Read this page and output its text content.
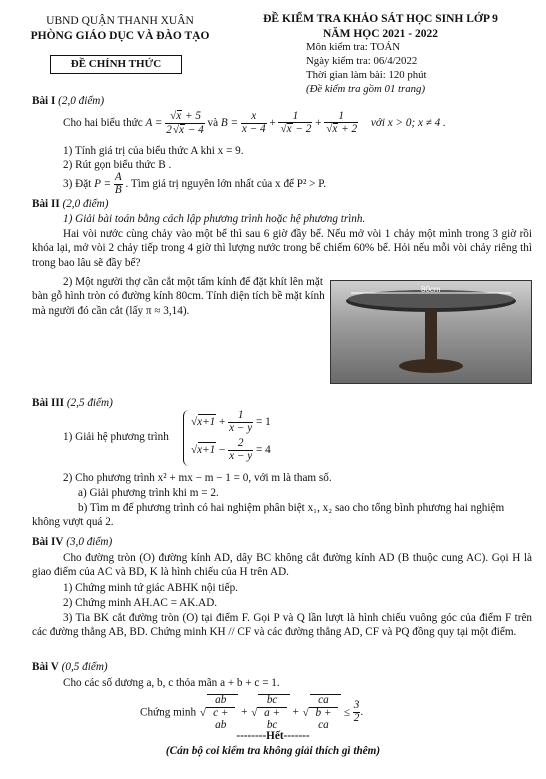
UBND QUẬN THANH XUÂN
PHÒNG GIÁO DỤC VÀ ĐÀO TẠO
ĐỀ CHÍNH THỨC
ĐỀ KIỂM TRA KHẢO SÁT HỌC SINH LỚP 9
NĂM HỌC 2021 - 2022
Môn kiểm tra: TOÁN
Ngày kiểm tra: 06/4/2022
Thời gian làm bài: 120 phút
(Đề kiểm tra gồm 01 trang)
Bài I (2,0 điểm)
Cho hai biểu thức A = √ $\frac{x + 5}{2 √ x - 4}$ và $B = \frac{x}{x - 4} + 1$
√ x − 2 + 1
√ x + 2 với x > 0; x ≠ 4 .
1) Tính giá trị của biểu thức A khi x = 9.
2) Rút gọn biểu thức B .
3) Đặt $P = \frac{A}{B}$ . Tìm giá trị nguyên lớn nhất của x để P² > P.
Bài II (2,0 điểm)
1) Giải bài toán bằng cách lập phương trình hoặc hệ phương trình.
Hai vòi nước cùng chảy vào một bể thì sau 6 giờ đầy bể. Nếu mở vòi 1 chảy một mình trong 3 giờ rồi khóa lại, mở vòi 2 chảy tiếp trong 4 giờ thì lượng nước trong bể chiếm 60% bể. Hỏi nếu mỗi vòi chảy riêng thì trong bao lâu sẽ đầy bể?
2) Một người thợ cần cắt một tấm kính để đặt khít lên mặt bàn gỗ hình tròn có đường kính 80cm. Tính diện tích bề mặt kính mà người đó cần cắt (lấy π ≈ 3,14).
80cm
Bài III (2,5 điểm)
1) Giải hệ phương trình
√ $x+1 + \frac{1}{x - y} = 1$
√ $x+1 - \frac{2}{x - y} = 4$
2) Cho phương trình x² + mx − m − 1 = 0, với m là tham số.
a) Giải phương trình khi m = 2.
b) Tìm m để phương trình có hai nghiệm phân biệt x₁, x₂ sao cho tổng bình phương hai nghiệm không vượt quá 2.
Bài IV (3,0 điểm)
Cho đường tròn (O) đường kính AD, dây BC không cắt đường kính AD (B thuộc cung AC). Gọi H là giao điểm của AC và BD, K là hình chiếu của H trên AD.
1) Chứng minh tứ giác ABHK nội tiếp.
2) Chứng minh AH.AC = AK.AD.
3) Tia BK cắt đường tròn (O) tại điểm F. Gọi P và Q lần lượt là hình chiếu vuông góc của điểm F trên các đường thẳng AB, BD. Chứng minh KH // CF và các đường thẳng AD, CF và PQ đồng quy tại một điểm.
Bài V (0,5 điểm)
Cho các số dương a, b, c thỏa mãn a + b + c = 1.
Chứng minh √ $\frac{ab}{c + ab}$ + √ $\frac{bc}{a + bc}$ + √ $\frac{ca}{b + ca} \le \frac{3}{2}$ .
--------Hết-------
(Cán bộ coi kiểm tra không giải thích gì thêm)
